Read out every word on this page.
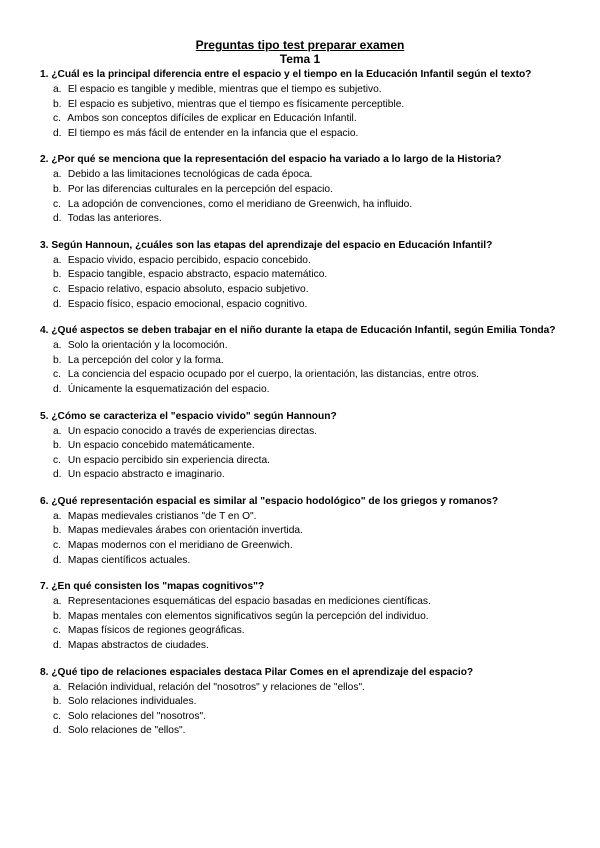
Preguntas tipo test preparar examen
Tema 1

1. ¿Cuál es la principal diferencia entre el espacio y el tiempo en la Educación Infantil según el texto?

a. El espacio es tangible y medible, mientras que el tiempo es subjetivo.
b. El espacio es subjetivo, mientras que el tiempo es físicamente perceptible.
c. Ambos son conceptos difíciles de explicar en Educación Infantil.
d. El tiempo es más fácil de entender en la infancia que el espacio.

2. ¿Por qué se menciona que la representación del espacio ha variado a lo largo de la Historia?

a. Debido a las limitaciones tecnológicas de cada época.
b. Por las diferencias culturales en la percepción del espacio.
c. La adopción de convenciones, como el meridiano de Greenwich, ha influido.
d. Todas las anteriores.

3. Según Hannoun, ¿cuáles son las etapas del aprendizaje del espacio en Educación Infantil?

a. Espacio vivido, espacio percibido, espacio concebido.
b. Espacio tangible, espacio abstracto, espacio matemático.
c. Espacio relativo, espacio absoluto, espacio subjetivo.
d. Espacio físico, espacio emocional, espacio cognitivo.

4. ¿Qué aspectos se deben trabajar en el niño durante la etapa de Educación Infantil, según Emilia Tonda?

a. Solo la orientación y la locomoción.
b. La percepción del color y la forma.
c. La conciencia del espacio ocupado por el cuerpo, la orientación, las distancias, entre otros.
d. Únicamente la esquematización del espacio.

5. ¿Cómo se caracteriza el "espacio vivido" según Hannoun?

a. Un espacio conocido a través de experiencias directas.
b. Un espacio concebido matemáticamente.
c. Un espacio percibido sin experiencia directa.
d. Un espacio abstracto e imaginario.

6. ¿Qué representación espacial es similar al "espacio hodológico" de los griegos y romanos?

a. Mapas medievales cristianos "de T en O".
b. Mapas medievales árabes con orientación invertida.
c. Mapas modernos con el meridiano de Greenwich.
d. Mapas científicos actuales.

7. ¿En qué consisten los "mapas cognitivos"?

a. Representaciones esquemáticas del espacio basadas en mediciones científicas.
b. Mapas mentales con elementos significativos según la percepción del individuo.
c. Mapas físicos de regiones geográficas.
d. Mapas abstractos de ciudades.

8. ¿Qué tipo de relaciones espaciales destaca Pilar Comes en el aprendizaje del espacio?

a. Relación individual, relación del "nosotros" y relaciones de "ellos".
b. Solo relaciones individuales.
c. Solo relaciones del "nosotros".
d. Solo relaciones de "ellos".
